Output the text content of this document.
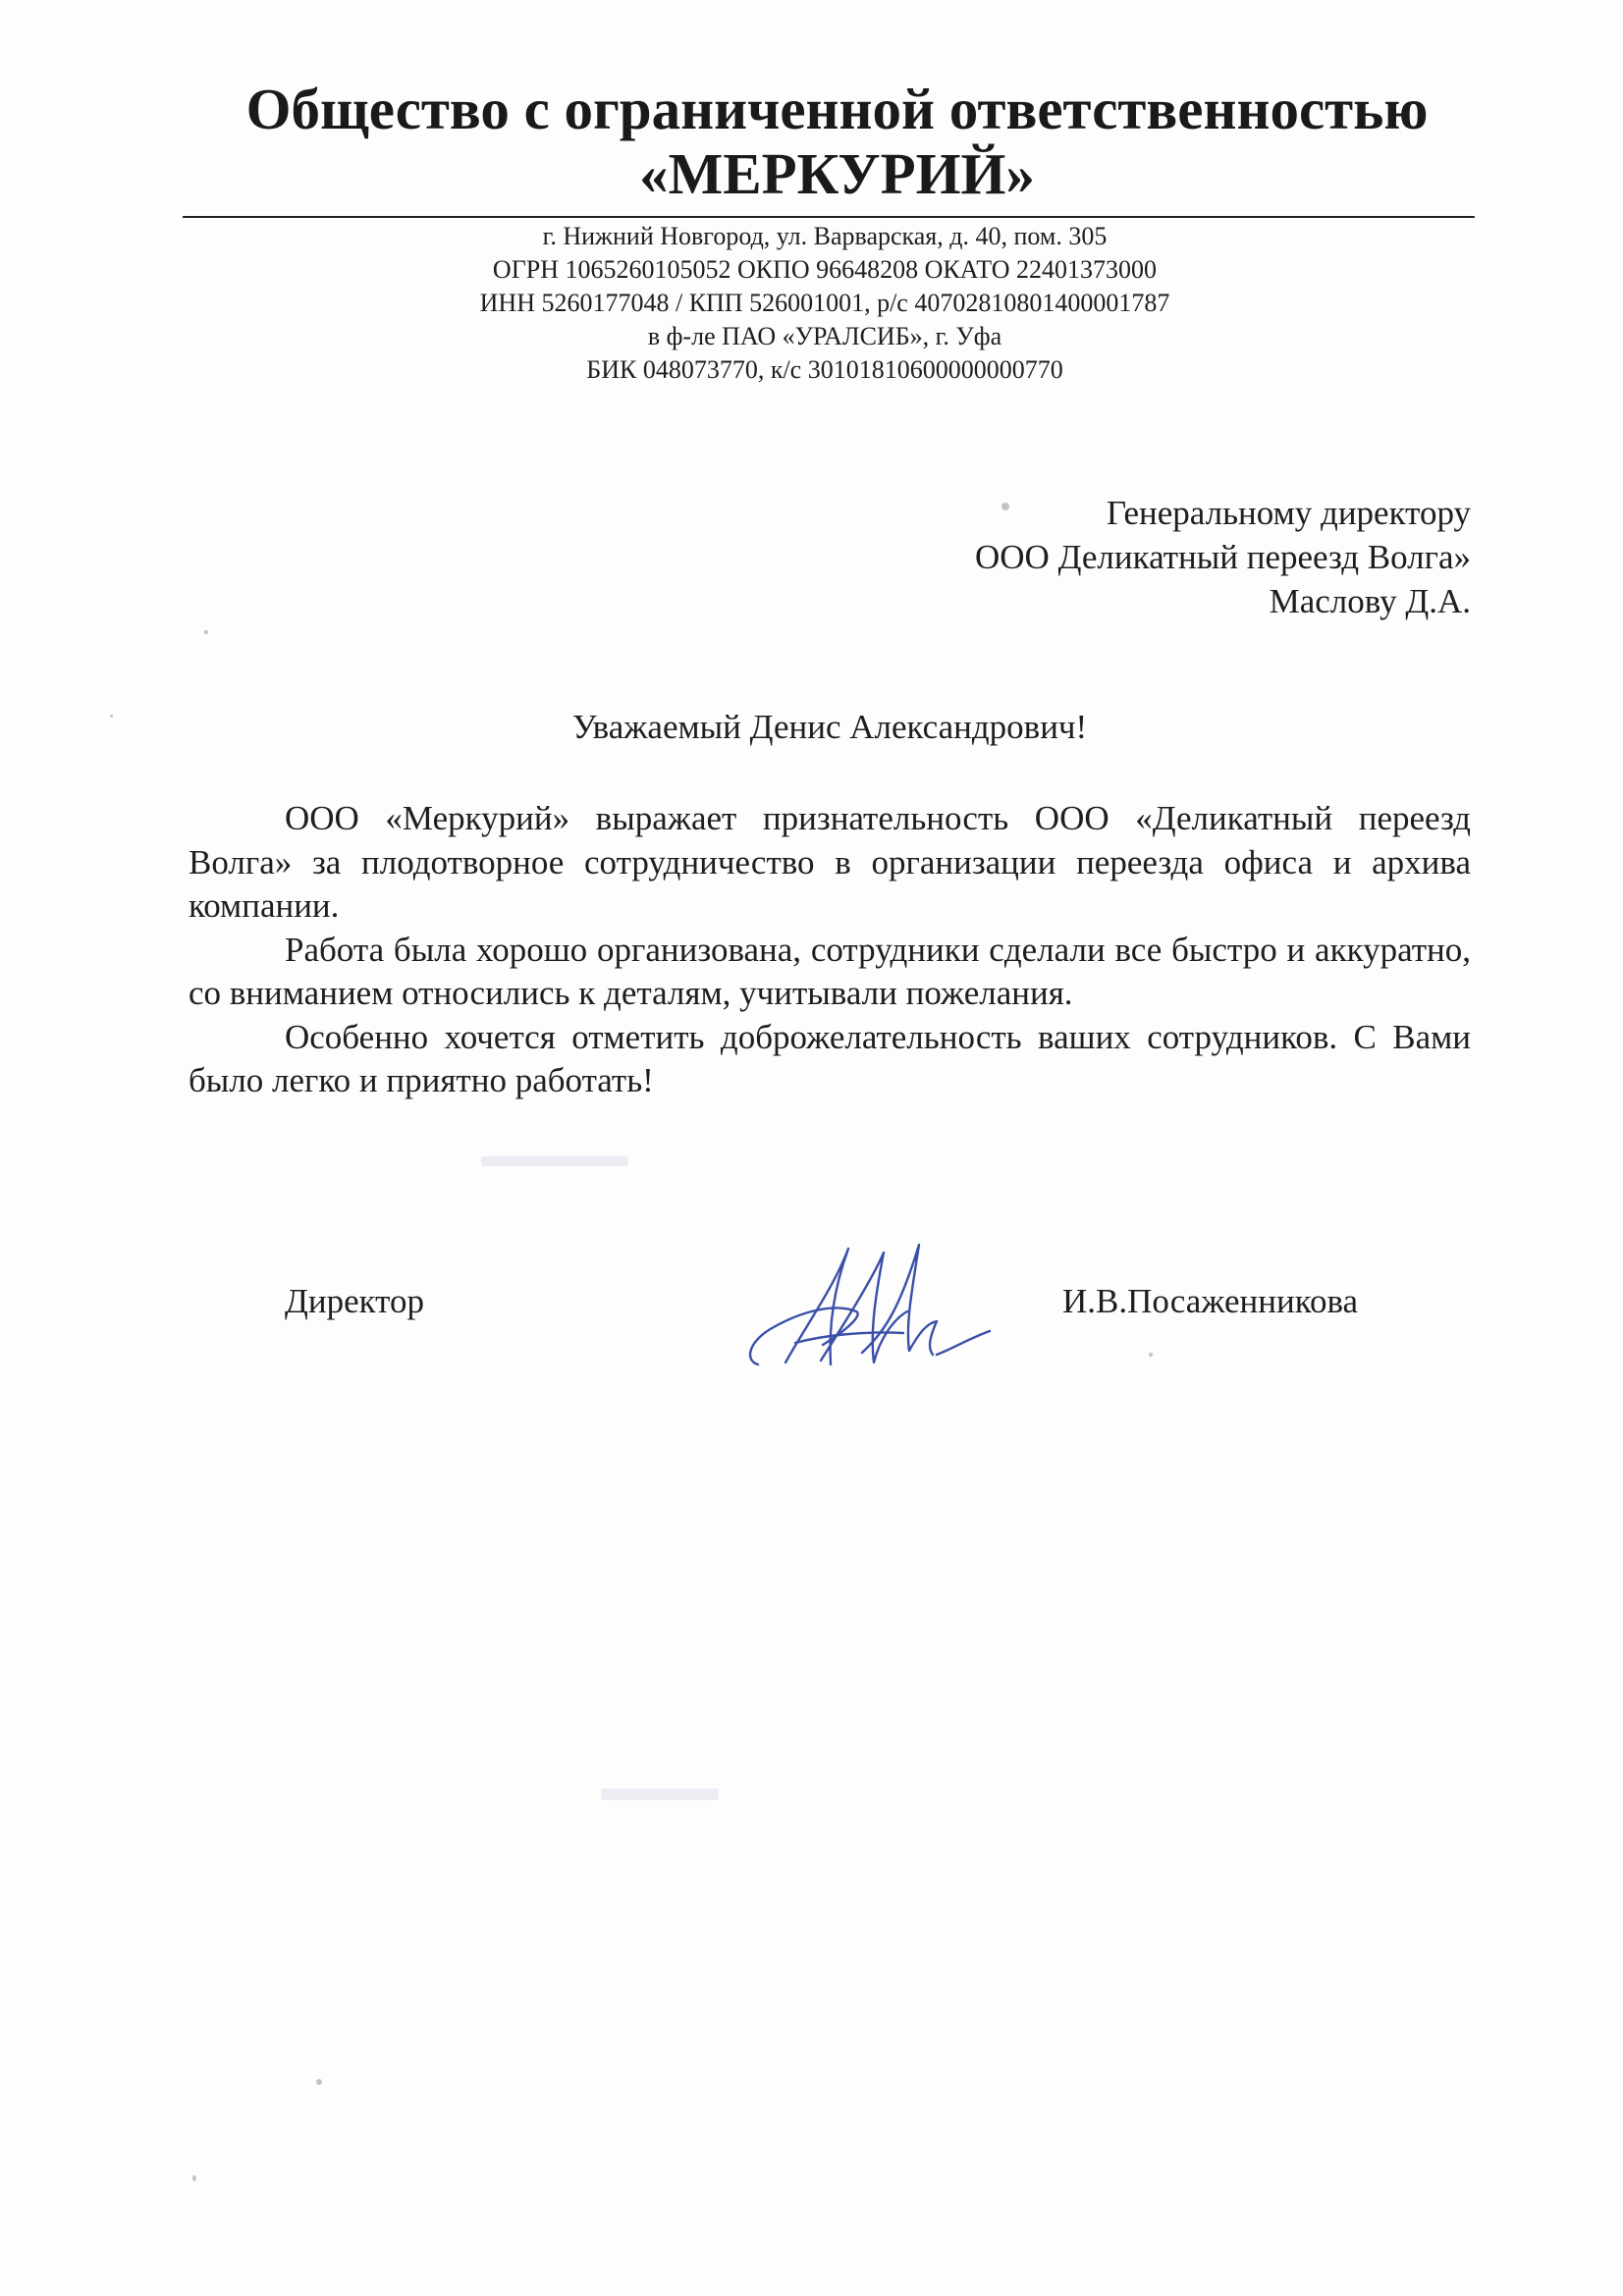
Общество с ограниченной ответственностью
«МЕРКУРИЙ»
г. Нижний Новгород, ул. Варварская, д. 40, пом. 305
ОГРН 1065260105052 ОКПО 96648208 ОКАТО 22401373000
ИНН 5260177048 / КПП 526001001, р/с 40702810801400001787
в ф-ле ПАО «УРАЛСИБ», г. Уфа
БИК 048073770, к/с 30101810600000000770
Генеральному директору
ООО Деликатный переезд Волга»
Маслову Д.А.
Уважаемый Денис Александрович!

ООО «Меркурий» выражает признательность ООО «Деликатный переезд Волга» за плодотворное сотрудничество в организации переезда офиса и архива компании.

Работа была хорошо организована, сотрудники сделали все быстро и аккуратно, со вниманием относились к деталям, учитывали пожелания.

Особенно хочется отметить доброжелательность ваших сотрудников. С Вами было легко и приятно работать!

Директор	И.В.Посаженникова
